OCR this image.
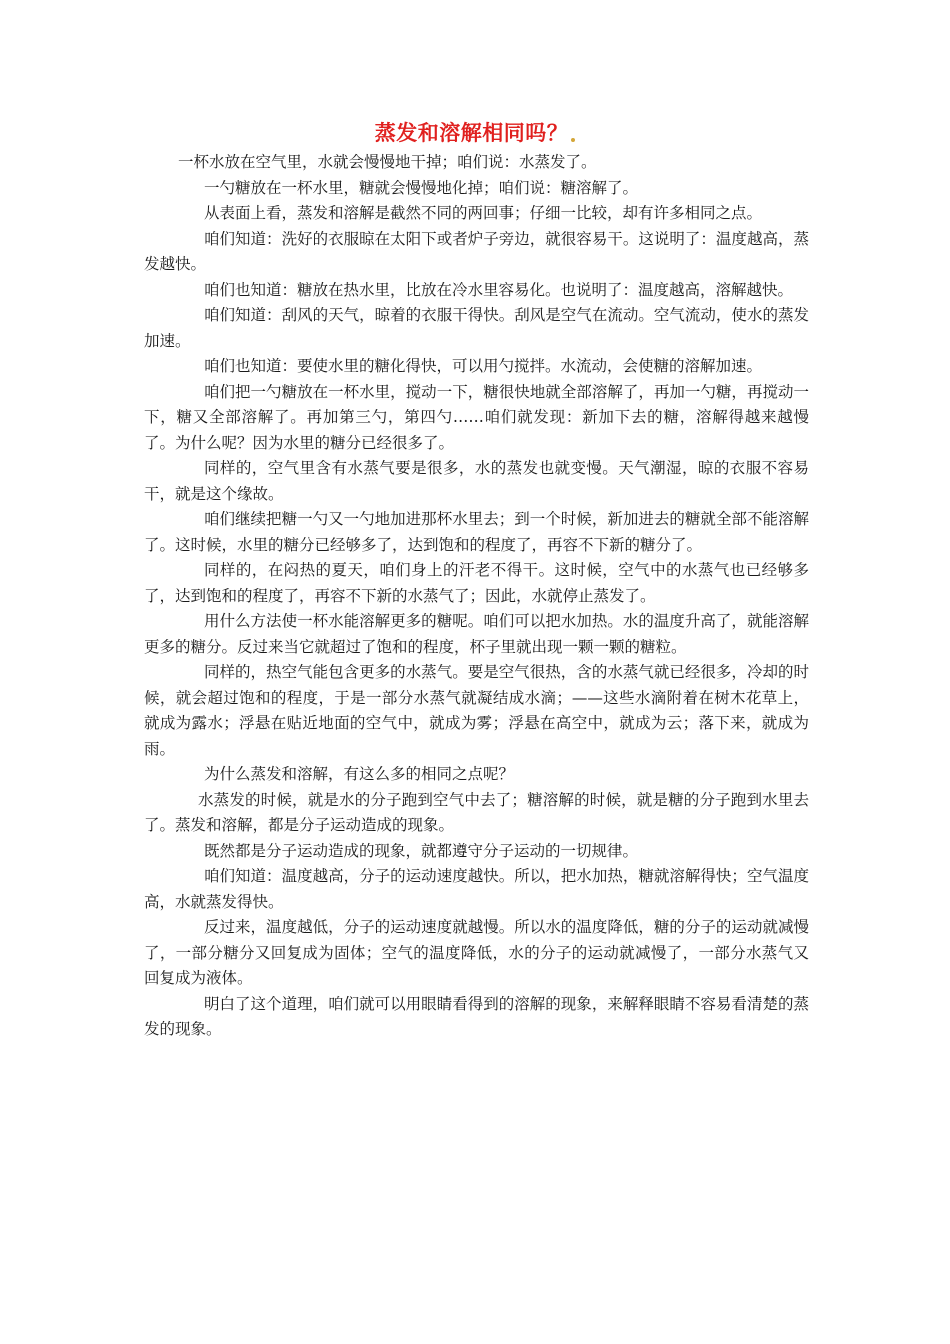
蒸发和溶解相同吗？

一杯水放在空气里，水就会慢慢地干掉；咱们说：水蒸发了。

一勺糖放在一杯水里，糖就会慢慢地化掉；咱们说：糖溶解了。

从表面上看，蒸发和溶解是截然不同的两回事；仔细一比较，却有许多相同之点。

咱们知道：洗好的衣服晾在太阳下或者炉子旁边，就很容易干。这说明了：温度越高，蒸发越快。

咱们也知道：糖放在热水里，比放在冷水里容易化。也说明了：温度越高，溶解越快。

咱们知道：刮风的天气，晾着的衣服干得快。刮风是空气在流动。空气流动，使水的蒸发加速。

咱们也知道：要使水里的糖化得快，可以用勺搅拌。水流动，会使糖的溶解加速。

咱们把一勺糖放在一杯水里，搅动一下，糖很快地就全部溶解了，再加一勺糖，再搅动一下，糖又全部溶解了。再加第三勺，第四勺……咱们就发现：新加下去的糖，溶解得越来越慢了。为什么呢？因为水里的糖分已经很多了。

同样的，空气里含有水蒸气要是很多，水的蒸发也就变慢。天气潮湿，晾的衣服不容易干，就是这个缘故。

咱们继续把糖一勺又一勺地加进那杯水里去；到一个时候，新加进去的糖就全部不能溶解了。这时候，水里的糖分已经够多了，达到饱和的程度了，再容不下新的糖分了。

同样的，在闷热的夏天，咱们身上的汗老不得干。这时候，空气中的水蒸气也已经够多了，达到饱和的程度了，再容不下新的水蒸气了；因此，水就停止蒸发了。

用什么方法使一杯水能溶解更多的糖呢。咱们可以把水加热。水的温度升高了，就能溶解更多的糖分。反过来当它就超过了饱和的程度，杯子里就出现一颗一颗的糖粒。

同样的，热空气能包含更多的水蒸气。要是空气很热，含的水蒸气就已经很多，冷却的时候，就会超过饱和的程度，于是一部分水蒸气就凝结成水滴；——这些水滴附着在树木花草上，就成为露水；浮悬在贴近地面的空气中，就成为雾；浮悬在高空中，就成为云；落下来，就成为雨。

为什么蒸发和溶解，有这么多的相同之点呢？

水蒸发的时候，就是水的分子跑到空气中去了；糖溶解的时候，就是糖的分子跑到水里去了。蒸发和溶解，都是分子运动造成的现象。

既然都是分子运动造成的现象，就都遵守分子运动的一切规律。

咱们知道：温度越高，分子的运动速度越快。所以，把水加热，糖就溶解得快；空气温度高，水就蒸发得快。

反过来，温度越低，分子的运动速度就越慢。所以水的温度降低，糖的分子的运动就减慢了，一部分糖分又回复成为固体；空气的温度降低，水的分子的运动就减慢了，一部分水蒸气又回复成为液体。

明白了这个道理，咱们就可以用眼睛看得到的溶解的现象，来解释眼睛不容易看清楚的蒸发的现象。
